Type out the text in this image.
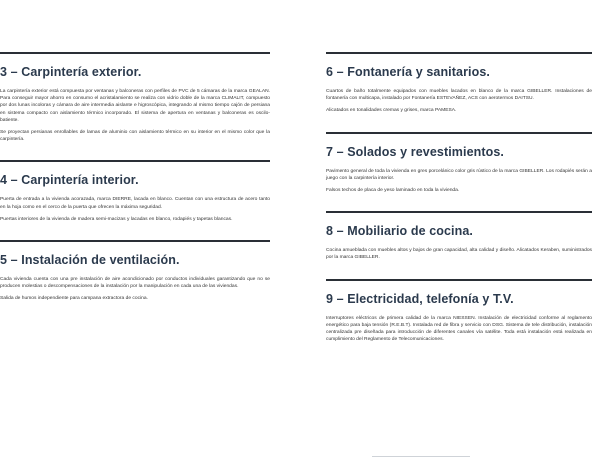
3 – Carpintería exterior.

La carpintería exterior está compuesta por ventanas y balconeras con perfiles de PVC de 5 cámaras de la marca GEALAN. Para conseguir mayor ahorro en consumo el acristalamiento se realiza con vidrio doble de la marca CLIMALIT, compuesto por dos lunas incoloras y cámara de aire intermedia aislante e higroscópica, integrando al mismo tiempo cajón de persiana en sistema compacto con aislamiento térmico incorporado. El sistema de apertura en ventanas y balconeras es oscilo-batiente.

Se proyectan persianas enrollables de lamas de aluminio con aislamiento térmico en su interior en el mismo color que la carpintería.

4 – Carpintería interior.

Puerta de entrada a la vivienda acorazada, marca DIERRE, lacada en blanco. Cuentan con una estructura de acero tanto en la hoja como en el cerco de la puerta que ofrecen la máxima seguridad.

Puertas interiores de la vivienda de madera semi-macizas y lacadas en blanco, rodapiés y tapetas blancas.

5 – Instalación de ventilación.

Cada vivienda cuenta con una pre instalación de aire acondicionado por conductos individuales garantizando que no se producen molestias o descompensaciones de la instalación por la manipulación en cada una de las viviendas.

Salida de humos independiente para campana extractora de cocina.

6 – Fontanería y sanitarios.

Cuartos de baño totalmente equipados con muebles lacados en blanco de la marca GIBELLER. Instalaciones de fontanería con multicapa, instalado por Fontanería ESTEVAÑEZ, ACS con aerotermos DAITSU.

Alicatados en tonalidades cremas y grises, marca PAMESA.

7 – Solados y revestimientos.

Pavimento general de toda la vivienda en gres porcelánico color gris rústico de la marca GIBELLER. Los rodapiés serán a juego con la carpintería interior.

Falsos techos de placa de yeso laminado en toda la vivienda.

8 – Mobiliario de cocina.

Cocina amueblada con muebles altos y bajos de gran capacidad, alta calidad y diseño. Alicatados Keraben, suministrados por la marca GIBELLER.

9 – Electricidad, telefonía y T.V.

Interruptores eléctricos de primera calidad de la marca NIESSEN. Instalación de electricidad conforme al reglamento energético para baja tensión (R.E.B.T). Instalada red de fibra y servicio con DSG. Sistema de tele distribución, instalación centralizada pre diseñada para introducción de diferentes canales vía satélite. Toda está instalación está realizada en cumplimiento del Reglamento de Telecomunicaciones.
